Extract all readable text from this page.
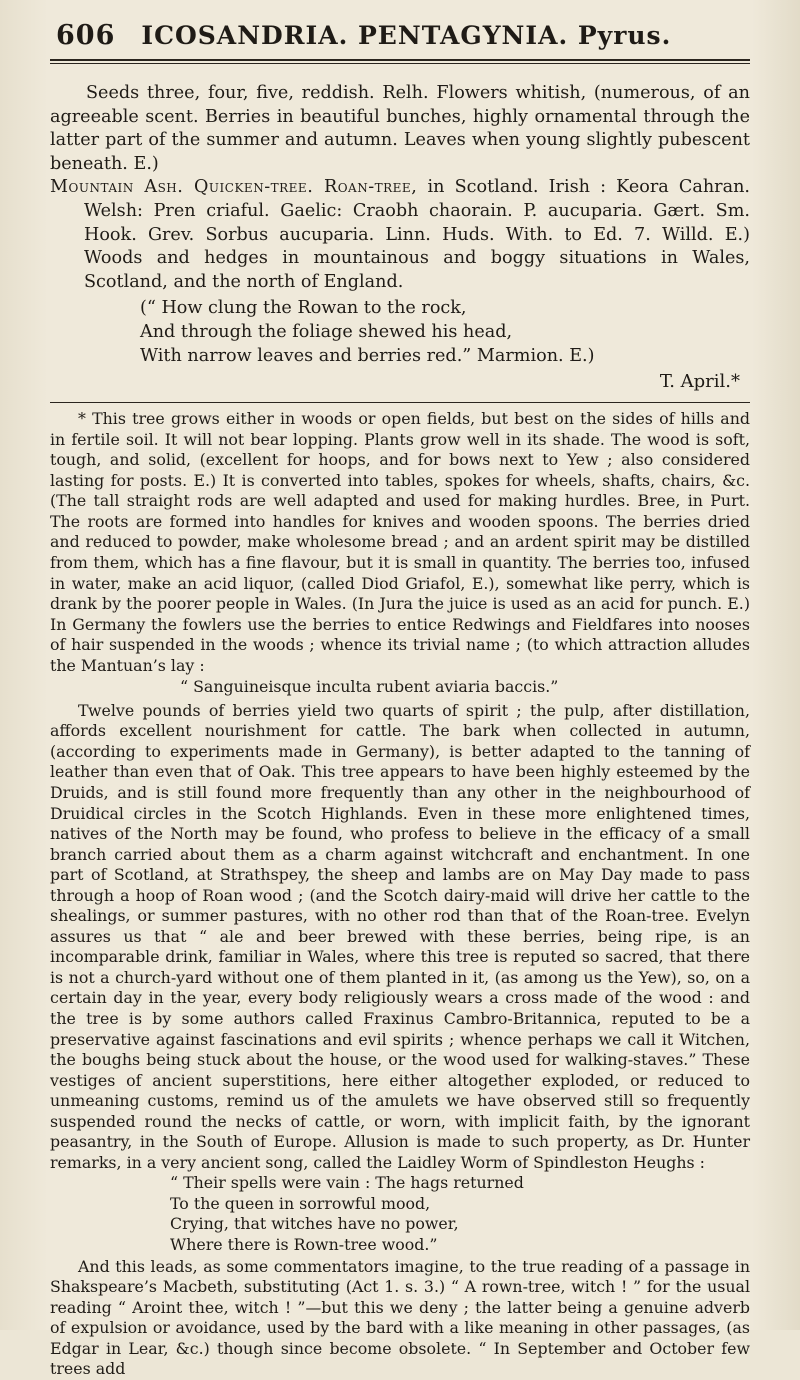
606 ICOSANDRIA. PENTAGYNIA. Pyrus.

Seeds three, four, five, reddish. Relh. Flowers whitish, (numerous, of an agreeable scent. Berries in beautiful bunches, highly ornamental through the latter part of the summer and autumn. Leaves when young slightly pubescent beneath. E.)

Mountain Ash. Quicken-tree. Roan-tree, in Scotland. Irish : Keora Cahran. Welsh: Pren criaful. Gaelic: Craobh chaorain. P. aucuparia. Gært. Sm. Hook. Grev. Sorbus aucuparia. Linn. Huds. With. to Ed. 7. Willd. E.) Woods and hedges in mountainous and boggy situations in Wales, Scotland, and the north of England.

(“ How clung the Rowan to the rock,
And through the foliage shewed his head,
With narrow leaves and berries red.” Marmion. E.)
T. April.*

* This tree grows either in woods or open fields, but best on the sides of hills and in fertile soil. It will not bear lopping. Plants grow well in its shade. The wood is soft, tough, and solid, (excellent for hoops, and for bows next to Yew ; also considered lasting for posts. E.) It is converted into tables, spokes for wheels, shafts, chairs, &c. (The tall straight rods are well adapted and used for making hurdles. Bree, in Purt. The roots are formed into handles for knives and wooden spoons. The berries dried and reduced to powder, make wholesome bread ; and an ardent spirit may be distilled from them, which has a fine flavour, but it is small in quantity. The berries too, infused in water, make an acid liquor, (called Diod Griafol, E.), somewhat like perry, which is drank by the poorer people in Wales. (In Jura the juice is used as an acid for punch. E.) In Germany the fowlers use the berries to entice Redwings and Fieldfares into nooses of hair suspended in the woods ; whence its trivial name ; (to which attraction alludes the Mantuan’s lay :

“ Sanguineisque inculta rubent aviaria baccis.”

Twelve pounds of berries yield two quarts of spirit ; the pulp, after distillation, affords excellent nourishment for cattle. The bark when collected in autumn, (according to experiments made in Germany), is better adapted to the tanning of leather than even that of Oak. This tree appears to have been highly esteemed by the Druids, and is still found more frequently than any other in the neighbourhood of Druidical circles in the Scotch Highlands. Even in these more enlightened times, natives of the North may be found, who profess to believe in the efficacy of a small branch carried about them as a charm against witchcraft and enchantment. In one part of Scotland, at Strathspey, the sheep and lambs are on May Day made to pass through a hoop of Roan wood ; (and the Scotch dairy-maid will drive her cattle to the shealings, or summer pastures, with no other rod than that of the Roan-tree. Evelyn assures us that “ ale and beer brewed with these berries, being ripe, is an incomparable drink, familiar in Wales, where this tree is reputed so sacred, that there is not a church-yard without one of them planted in it, (as among us the Yew), so, on a certain day in the year, every body religiously wears a cross made of the wood : and the tree is by some authors called Fraxinus Cambro-Britannica, reputed to be a preservative against fascinations and evil spirits ; whence perhaps we call it Witchen, the boughs being stuck about the house, or the wood used for walking-staves.” These vestiges of ancient superstitions, here either altogether exploded, or reduced to unmeaning customs, remind us of the amulets we have observed still so frequently suspended round the necks of cattle, or worn, with implicit faith, by the ignorant peasantry, in the South of Europe. Allusion is made to such property, as Dr. Hunter remarks, in a very ancient song, called the Laidley Worm of Spindleston Heughs :

“ Their spells were vain : The hags returned
To the queen in sorrowful mood,
Crying, that witches have no power,
Where there is Rown-tree wood.”

And this leads, as some commentators imagine, to the true reading of a passage in Shakspeare’s Macbeth, substituting (Act 1. s. 3.) “ A rown-tree, witch ! ” for the usual reading “ Aroint thee, witch ! ”—but this we deny ; the latter being a genuine adverb of expulsion or avoidance, used by the bard with a like meaning in other passages, (as Edgar in Lear, &c.) though since become obsolete. “ In September and October few trees add
